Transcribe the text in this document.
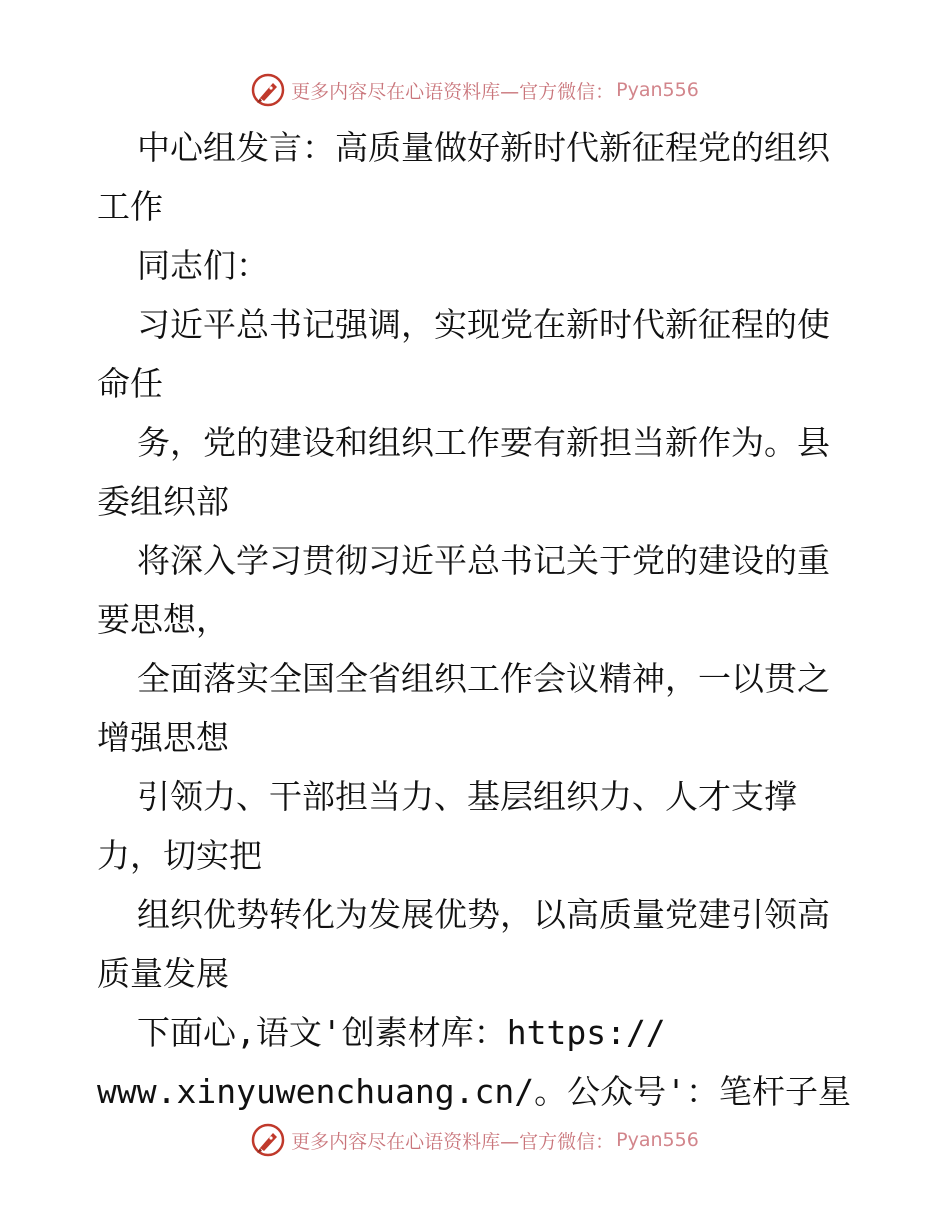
更多内容尽在心语资料库—官方微信： Pyan556
中心组发言：高质量做好新时代新征程党的组织
工作
同志们：
习近平总书记强调，实现党在新时代新征程的使
命任
务，党的建设和组织工作要有新担当新作为。县
委组织部
将深入学习贯彻习近平总书记关于党的建设的重
要思想，
全面落实全国全省组织工作会议精神，一以贯之
增强思想
引领力、干部担当力、基层组织力、人才支撑
力，切实把
组织优势转化为发展优势，以高质量党建引领高
质量发展
下面心,语文'创素材库：https://
www.xinyuwenchuang.cn/。公众号'：笔杆子星
更多内容尽在心语资料库—官方微信： Pyan556
